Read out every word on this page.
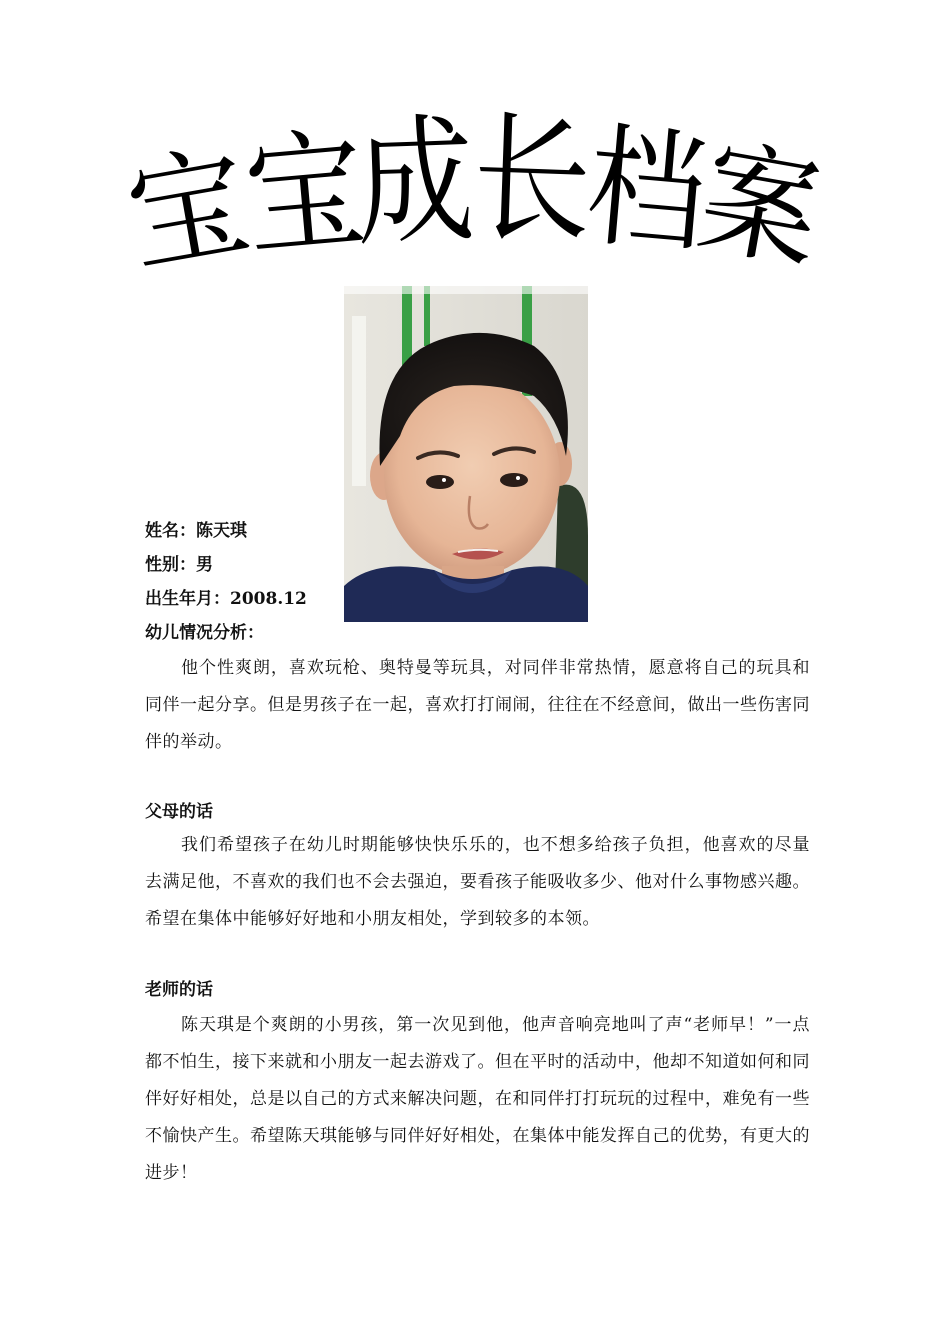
宝
宝
成
长
档
案
姓名：陈天琪
性别：男
出生年月：2008.12
幼儿情况分析：
他个性爽朗，喜欢玩枪、奥特曼等玩具，对同伴非常热情，愿意将自己的玩具和同伴一起分享。但是男孩子在一起，喜欢打打闹闹，往往在不经意间，做出一些伤害同伴的举动。
父母的话
我们希望孩子在幼儿时期能够快快乐乐的，也不想多给孩子负担，他喜欢的尽量去满足他，不喜欢的我们也不会去强迫，要看孩子能吸收多少、他对什么事物感兴趣。希望在集体中能够好好地和小朋友相处，学到较多的本领。
老师的话
陈天琪是个爽朗的小男孩，第一次见到他，他声音响亮地叫了声“老师早！”一点都不怕生，接下来就和小朋友一起去游戏了。但在平时的活动中，他却不知道如何和同伴好好相处，总是以自己的方式来解决问题，在和同伴打打玩玩的过程中，难免有一些不愉快产生。希望陈天琪能够与同伴好好相处，在集体中能发挥自己的优势，有更大的进步！
